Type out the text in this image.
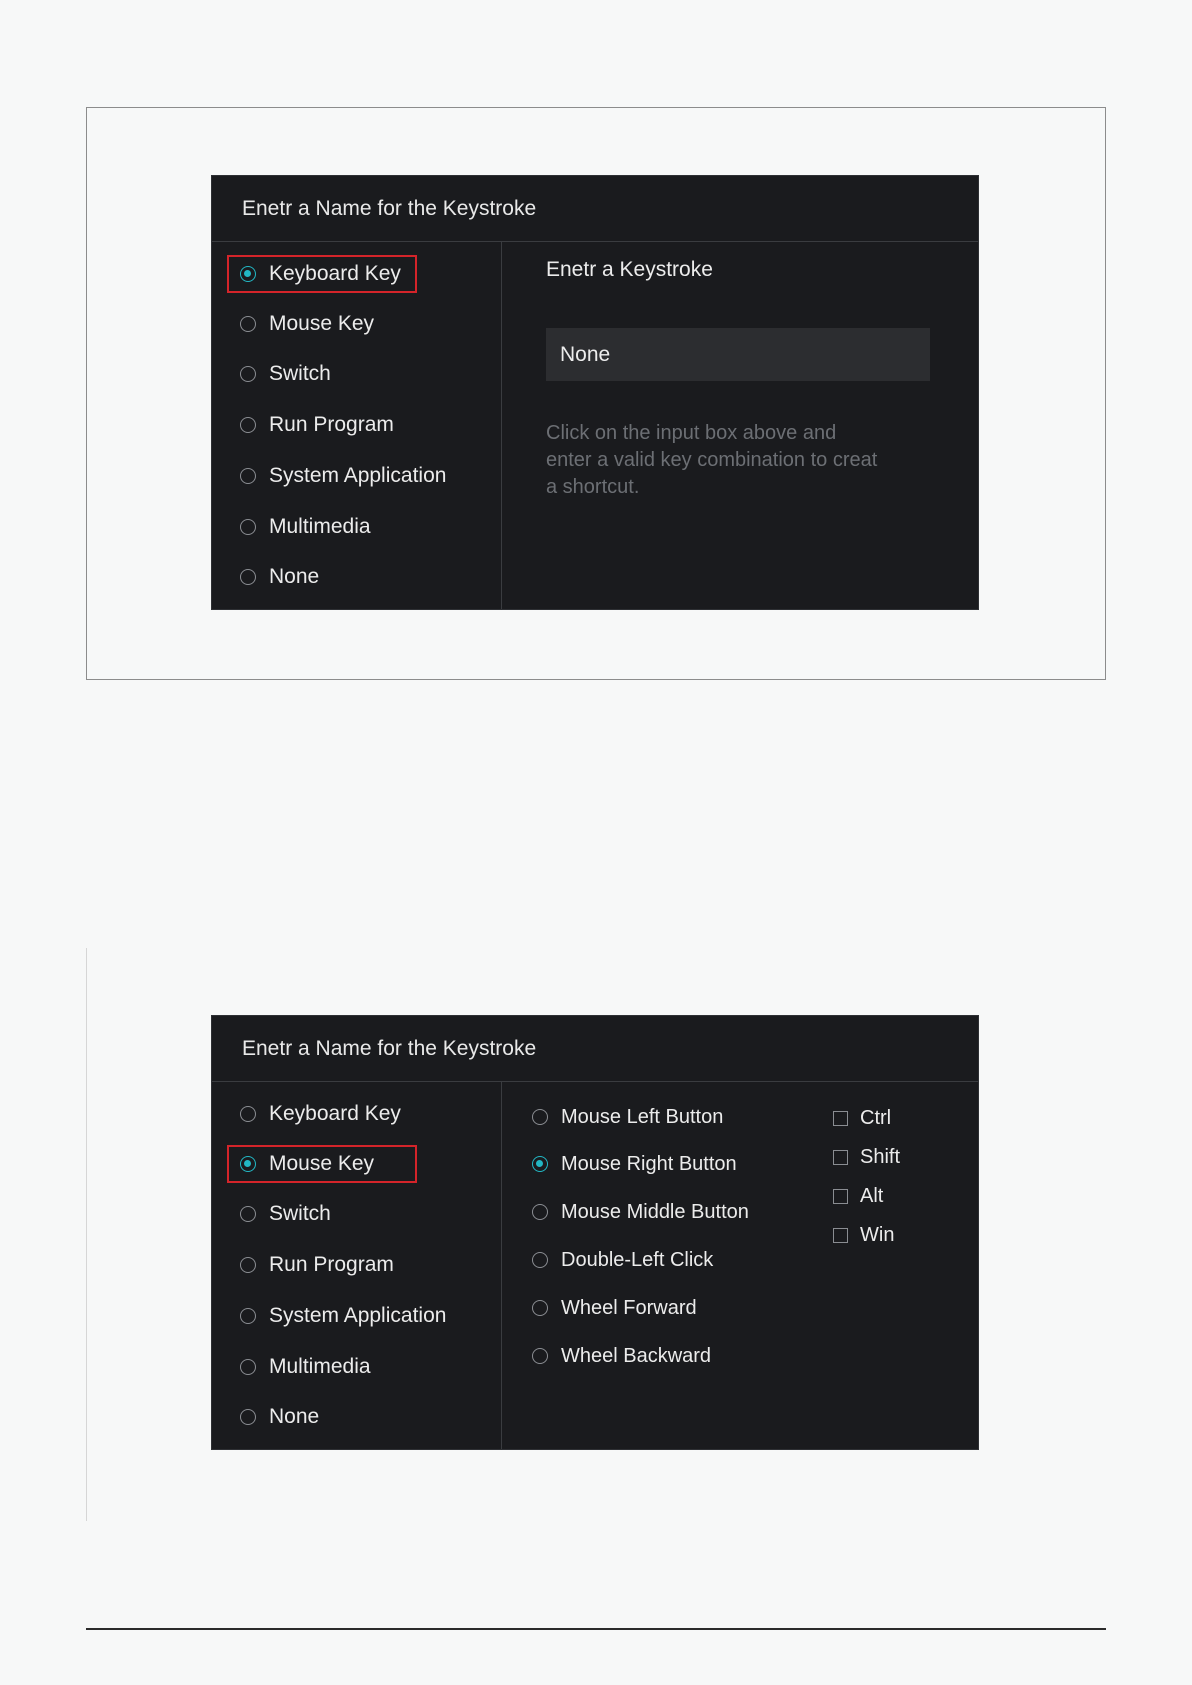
Enetr a Name for the Keystroke
Keyboard Key
Mouse Key
Switch
Run Program
System Application
Multimedia
None
Enetr a Keystroke
None
Click on the input box above and enter a valid key combination to creat a shortcut.
Enetr a Name for the Keystroke
Keyboard Key
Mouse Key
Switch
Run Program
System Application
Multimedia
None
Mouse Left Button
Mouse Right Button
Mouse Middle Button
Double-Left Click
Wheel Forward
Wheel Backward
Ctrl
Shift
Alt
Win
